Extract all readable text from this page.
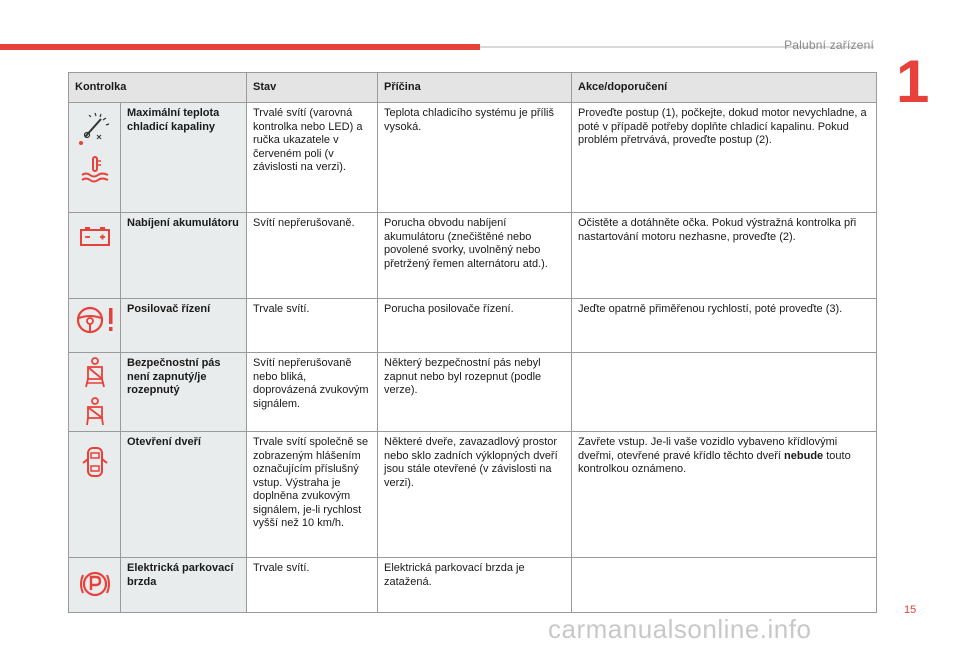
Palubní zařízení
1
Kontrolka		Stav	Příčina	Akce/doporučení

	Maximální teplota chladicí kapaliny	Trvalé svítí (varovná kontrolka nebo LED) a ručka ukazatele v červeném poli (v závislosti na verzi).	Teplota chladicího systému je příliš vysoká.	Proveďte postup (1), počkejte, dokud motor nevychladne, a poté v případě potřeby doplňte chladicí kapalinu. Pokud problém přetrvává, proveďte postup (2).

	Nabíjení akumulátoru	Svítí nepřerušovaně.	Porucha obvodu nabíjení akumulátoru (znečištěné nebo povolené svorky, uvolněný nebo přetržený řemen alternátoru atd.).	Očistěte a dotáhněte očka. Pokud výstražná kontrolka při nastartování motoru nezhasne, proveďte (2).

	Posilovač řízení	Trvale svítí.	Porucha posilovače řízení.	Jeďte opatrně přiměřenou rychlostí, poté proveďte (3).

	Bezpečnostní pás není zapnutý/je rozepnutý	Svítí nepřerušovaně nebo bliká, doprovázená zvukovým signálem.	Některý bezpečnostní pás nebyl zapnut nebo byl rozepnut (podle verze).	

	Otevření dveří	Trvale svítí společně se zobrazeným hlášením označujícím příslušný vstup. Výstraha je doplněna zvukovým signálem, je-li rychlost vyšší než 10 km/h.	Některé dveře, zavazadlový prostor nebo sklo zadních výklopných dveří jsou stále otevřené (v závislosti na verzi).	Zavřete vstup. Je-li vaše vozidlo vybaveno křídlovými dveřmi, otevřené pravé křídlo těchto dveří nebude touto kontrolkou oznámeno.

	Elektrická parkovací brzda	Trvale svítí.	Elektrická parkovací brzda je zatažená.	
15
carmanualsonline.info
